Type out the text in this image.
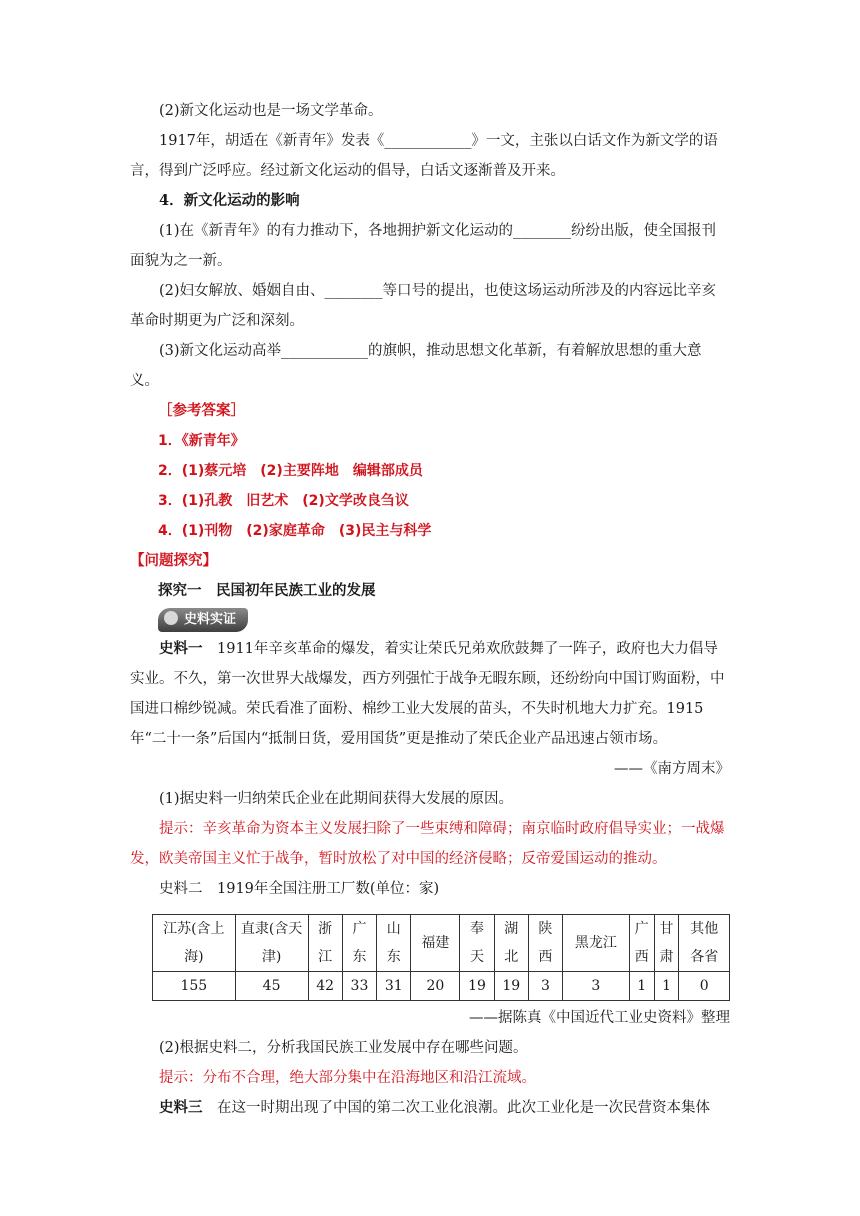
(2)新文化运动也是一场文学革命。

1917年，胡适在《新青年》发表《____________》一文，主张以白话文作为新文学的语言，得到广泛呼应。经过新文化运动的倡导，白话文逐渐普及开来。

4．新文化运动的影响

(1)在《新青年》的有力推动下，各地拥护新文化运动的________纷纷出版，使全国报刊面貌为之一新。

(2)妇女解放、婚姻自由、________等口号的提出，也使这场运动所涉及的内容远比辛亥革命时期更为广泛和深刻。

(3)新文化运动高举____________的旗帜，推动思想文化革新，有着解放思想的重大意义。

［参考答案］

1．《新青年》

2．(1)蔡元培　(2)主要阵地　编辑部成员

3．(1)孔教　旧艺术　(2)文学改良刍议

4．(1)刊物　(2)家庭革命　(3)民主与科学

【问题探究】

探究一　民国初年民族工业的发展

史料实证

史料一　1911年辛亥革命的爆发，着实让荣氏兄弟欢欣鼓舞了一阵子，政府也大力倡导实业。不久，第一次世界大战爆发，西方列强忙于战争无暇东顾，还纷纷向中国订购面粉，中国进口棉纱锐减。荣氏看准了面粉、棉纱工业大发展的苗头，不失时机地大力扩充。1915年“二十一条”后国内“抵制日货，爱用国货”更是推动了荣氏企业产品迅速占领市场。

——《南方周末》

(1)据史料一归纳荣氏企业在此期间获得大发展的原因。

提示：辛亥革命为资本主义发展扫除了一些束缚和障碍；南京临时政府倡导实业；一战爆发，欧美帝国主义忙于战争，暂时放松了对中国的经济侵略；反帝爱国运动的推动。

史料二　1919年全国注册工厂数(单位：家)

江苏(含上海)	直隶(含天津)	浙江	广东	山东	福建	奉天	湖北	陕西	黑龙江	广西	甘肃	其他各省
155	45	42	33	31	20	19	19	3	3	1	1	0

——据陈真《中国近代工业史资料》整理

(2)根据史料二，分析我国民族工业发展中存在哪些问题。

提示：分布不合理，绝大部分集中在沿海地区和沿江流域。

史料三　在这一时期出现了中国的第二次工业化浪潮。此次工业化是一次民营资本集体
